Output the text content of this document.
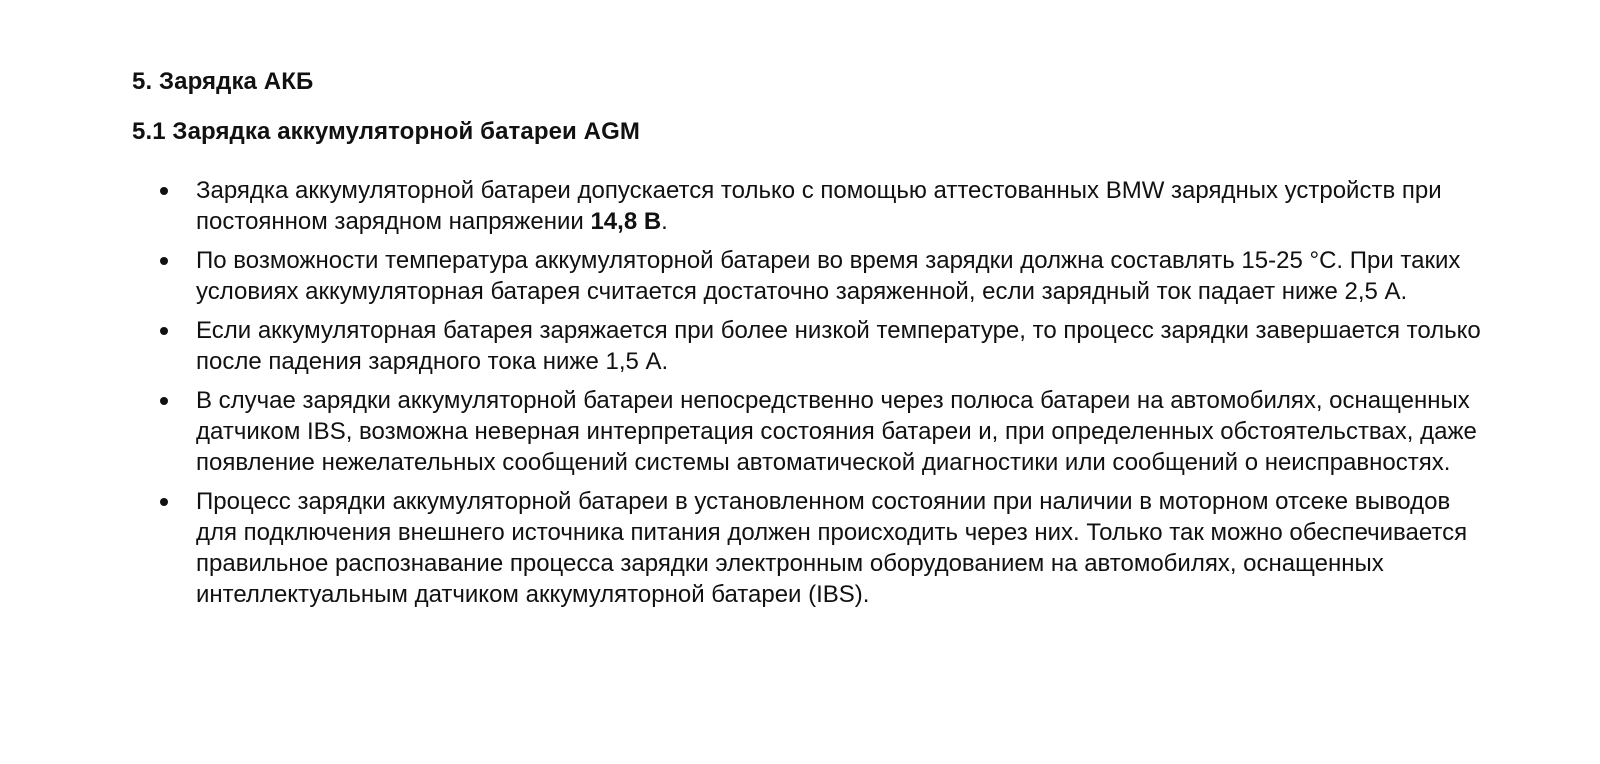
5. Зарядка АКБ
5.1 Зарядка аккумуляторной батареи AGM
Зарядка аккумуляторной батареи допускается только с помощью аттестованных BMW зарядных устройств при постоянном зарядном напряжении 14,8 В.
По возможности температура аккумуляторной батареи во время зарядки должна составлять 15-25 °С. При таких условиях аккумуляторная батарея считается достаточно заряженной, если зарядный ток падает ниже 2,5 А.
Если аккумуляторная батарея заряжается при более низкой температуре, то процесс зарядки завершается только после падения зарядного тока ниже 1,5 А.
В случае зарядки аккумуляторной батареи непосредственно через полюса батареи на автомобилях, оснащенных датчиком IBS, возможна неверная интерпретация состояния батареи и, при определенных обстоятельствах, даже появление нежелательных сообщений системы автоматической диагностики или сообщений о неисправностях.
Процесс зарядки аккумуляторной батареи в установленном состоянии при наличии в моторном отсеке выводов для подключения внешнего источника питания должен происходить через них. Только так можно обеспечивается правильное распознавание процесса зарядки электронным оборудованием на автомобилях, оснащенных интеллектуальным датчиком аккумуляторной батареи (IBS).
